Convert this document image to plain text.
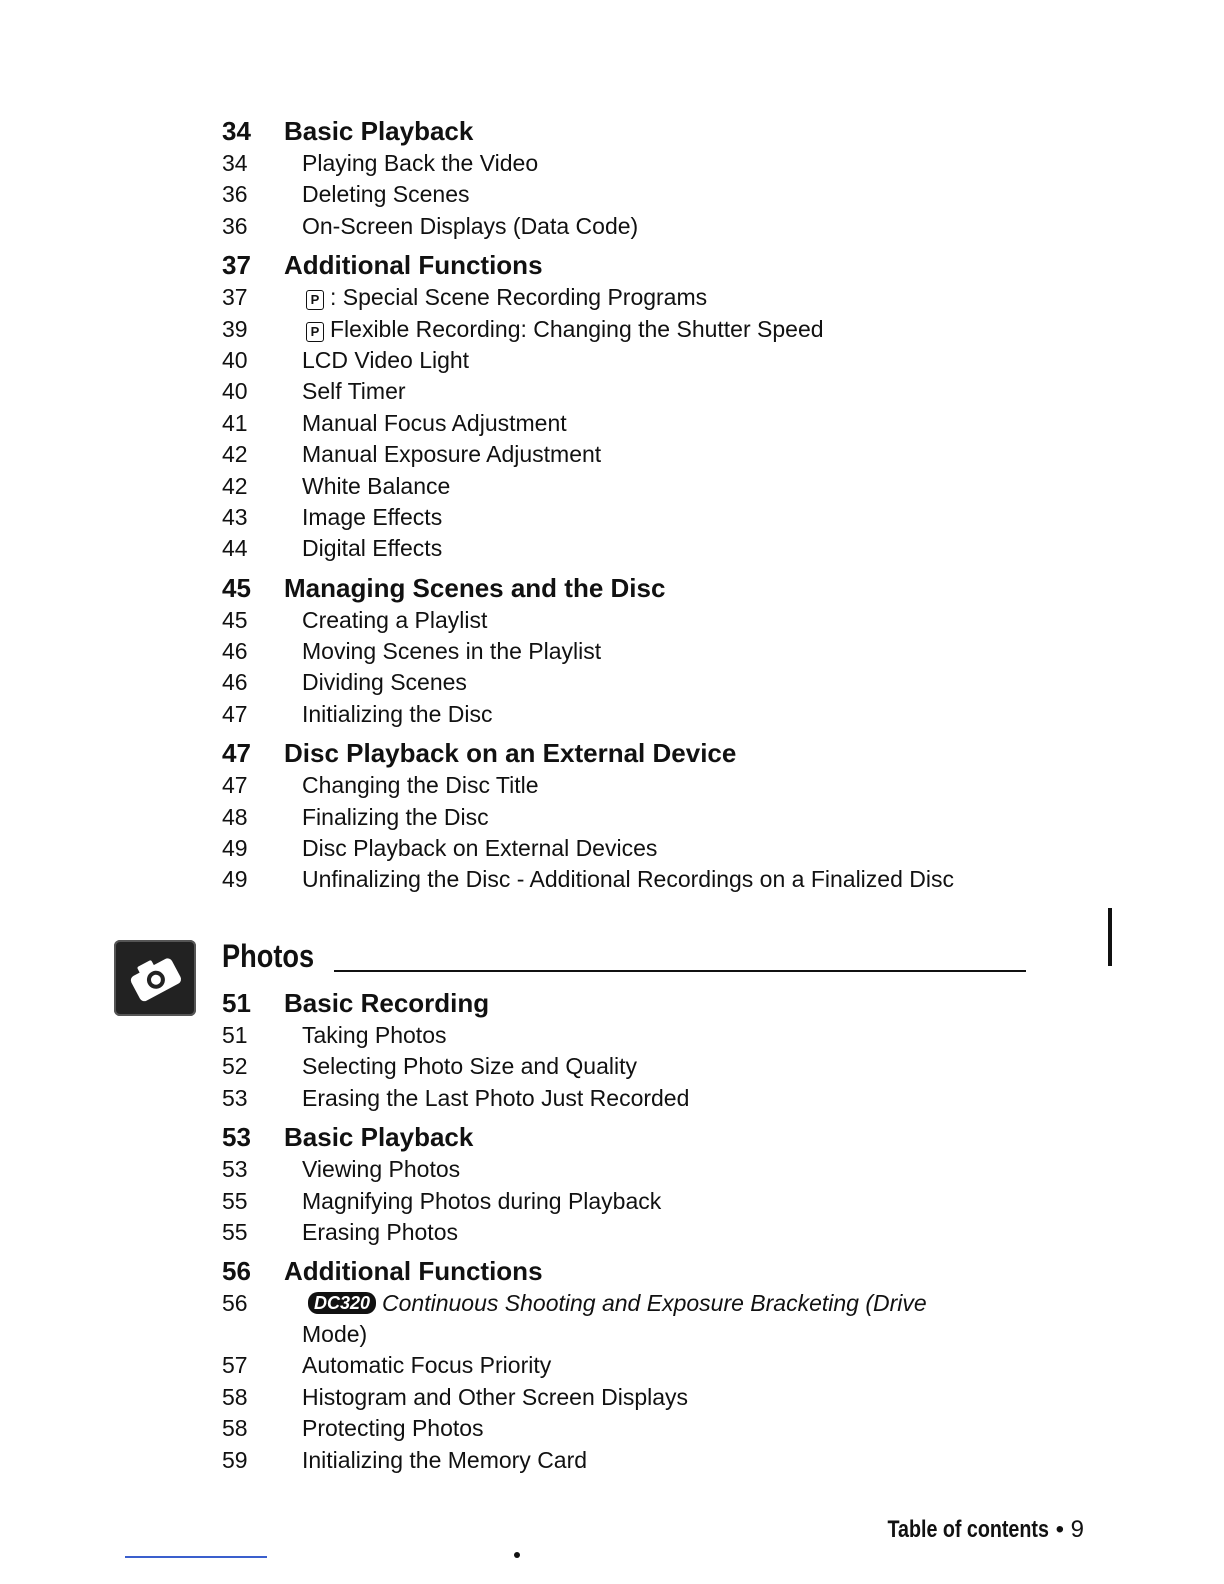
34	Basic Playback
34	Playing Back the Video
36	Deleting Scenes
36	On-Screen Displays (Data Code)
37	Additional Functions
37	P : Special Scene Recording Programs
39	P Flexible Recording: Changing the Shutter Speed
40	LCD Video Light
40	Self Timer
41	Manual Focus Adjustment
42	Manual Exposure Adjustment
42	White Balance
43	Image Effects
44	Digital Effects
45	Managing Scenes and the Disc
45	Creating a Playlist
46	Moving Scenes in the Playlist
46	Dividing Scenes
47	Initializing the Disc
47	Disc Playback on an External Device
47	Changing the Disc Title
48	Finalizing the Disc
49	Disc Playback on External Devices
49	Unfinalizing the Disc - Additional Recordings on a Finalized Disc
Photos
51	Basic Recording
51	Taking Photos
52	Selecting Photo Size and Quality
53	Erasing the Last Photo Just Recorded
53	Basic Playback
53	Viewing Photos
55	Magnifying Photos during Playback
55	Erasing Photos
56	Additional Functions
56	DC320 Continuous Shooting and Exposure Bracketing (Drive
Mode)
57	Automatic Focus Priority
58	Histogram and Other Screen Displays
58	Protecting Photos
59	Initializing the Memory Card
Table of contents • 9
